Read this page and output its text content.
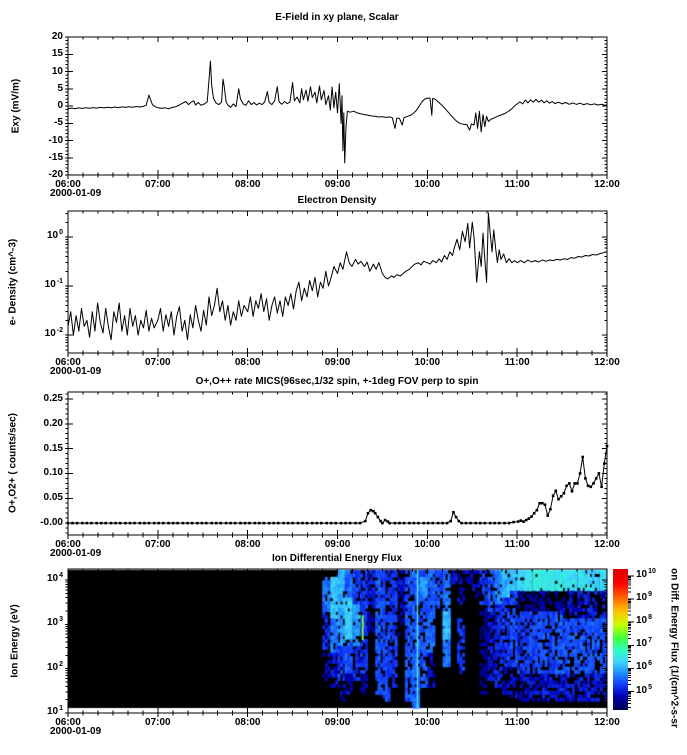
E-Field in xy plane, Scalar
Electron Density
O+,O++ rate MICS(96sec,1/32 spin, +-1deg FOV perp to spin
Ion Differential Energy Flux
Exy (mV/m)
e- Density (cm^-3)
O+,O2+ ( counts/sec)
Ion Energy (eV)
2000-01-09
2000-01-09
2000-01-09
2000-01-09
on Diff. Energy Flux (1/(cm^2-s-sr
06:00	07:00	08:00	09:00	10:00	11:00	12:00
20
15
10
5
0
-5
-10
-15
-20
06:00	07:00	08:00	09:00	10:00	11:00	12:00
$10^0$
$10^{-1}$
$10^{-2}$
06:00	07:00	08:00	09:00	10:00	11:00	12:00
0.25
0.20
0.15
0.10
0.05
-0.00
06:00	07:00	08:00	09:00	10:00	11:00	12:00
$10^4$
$10^3$
$10^2$
$10^1$
$10^5$
$10^6$
$10^7$
$10^8$
$10^9$
$10^{10}$
